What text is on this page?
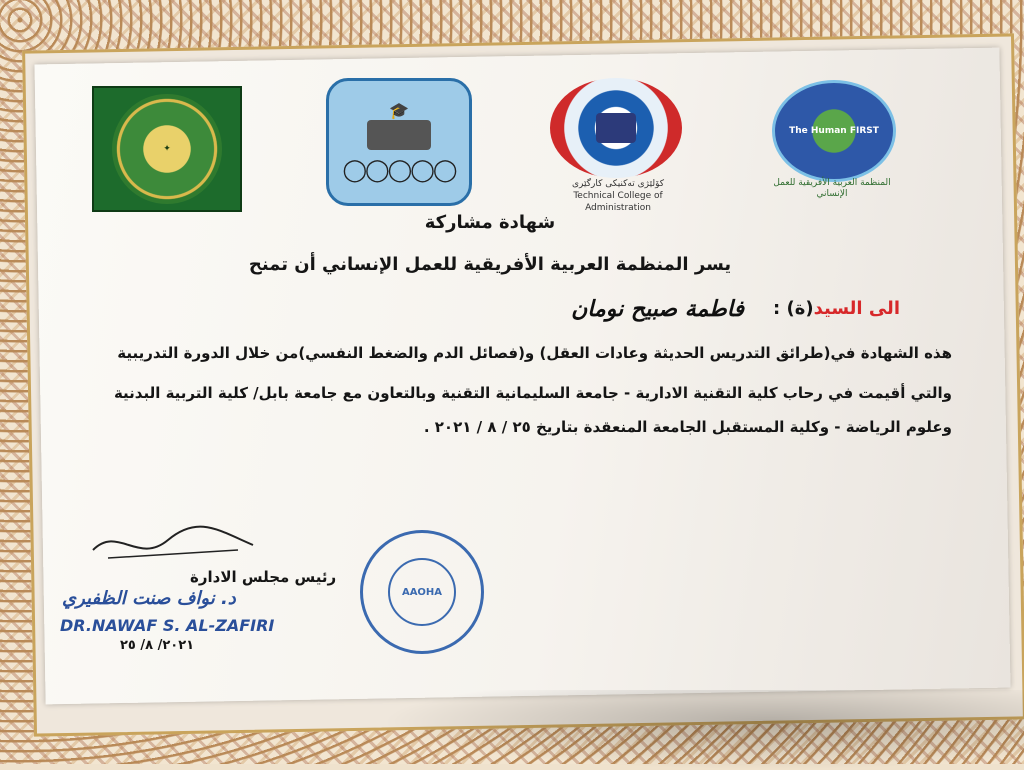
✦
🎓
◯◯◯◯◯
کۆلێژی تەکنیکی کارگێری
Technical College of Administration
The Human FIRST
المنظمة العربية الأفريقية للعمل الإنساني
شهادة مشاركة
يسر المنظمة العربية الأفريقية للعمل الإنساني أن تمنح
الى السيد(ة) :
فاطمة صبيح نومان
هذه الشهادة في(طرائق التدريس الحديثة وعادات العقل) و(فصائل الدم والضغط النفسي)من خلال الدورة التدريبية
والتي أقيمت في رحاب كلية التقنية الادارية - جامعة السليمانية التقنية وبالتعاون مع جامعة بابل/ كلية التربية البدنية
وعلوم الرياضة - وكلية المستقبل الجامعة المنعقدة بتاريخ ٢٥ / ٨ / ٢٠٢١ .
رئيس مجلس الادارة
د. نواف صنت الظفيري
DR.NAWAF S. AL-ZAFIRI
٢٠٢١/ ٨/ ٢٥
AAOHA
